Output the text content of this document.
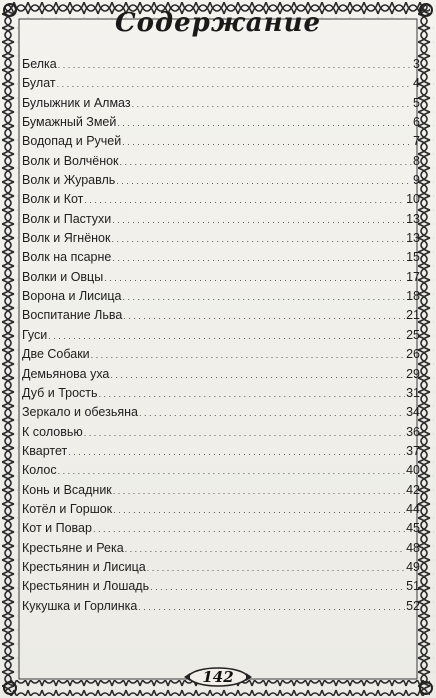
Содержание
Белка . . .	3
Булат . . .	4
Булыжник и Алмаз . . .	5
Бумажный Змей . . .	6
Водопад и Ручей . . .	7
Волк и Волчёнок . . .	8
Волк и Журавль . . .	9
Волк и Кот . . .	10
Волк и Пастухи . . .	13
Волк и Ягнёнок . . .	13
Волк на псарне . . .	15
Волки и Овцы . . .	17
Ворона и Лисица . . .	18
Воспитание Льва . . .	21
Гуси . . .	25
Две Собаки . . .	26
Демьянова уха . . .	29
Дуб и Трость . . .	31
Зеркало и обезьяна . . .	34
К соловью . . .	36
Квартет . . .	37
Колос . . .	40
Конь и Всадник . . .	42
Котёл и Горшок . . .	44
Кот и Повар . . .	45
Крестьяне и Река . . .	48
Крестьянин и Лисица . . .	49
Крестьянин и Лошадь . . .	51
Кукушка и Горлинка . . .	52
142
